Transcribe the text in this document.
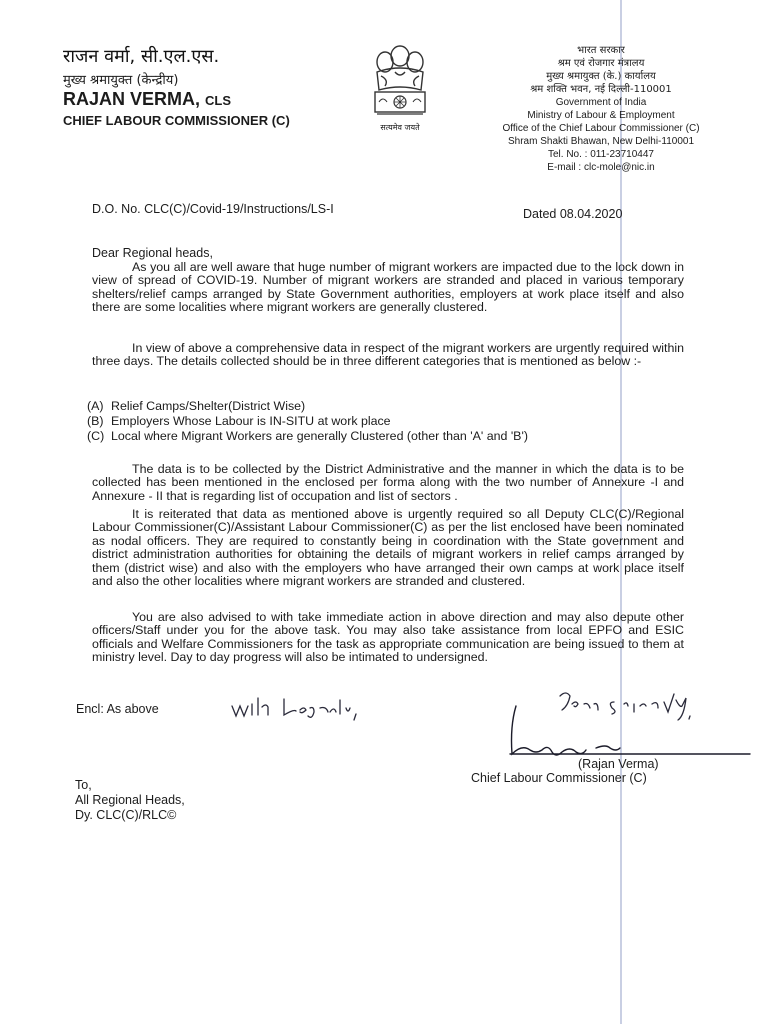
राजन वर्मा, सी.एल.एस.
मुख्य श्रमायुक्त (केन्द्रीय)
RAJAN VERMA, CLS
CHIEF LABOUR COMMISSIONER (C)	सत्यमेव जयते
भारत सरकार
श्रम एवं रोजगार मंत्रालय
मुख्य श्रमायुक्त (के.) कार्यालय
श्रम शक्ति भवन, नई दिल्ली-110001
Government of India
Ministry of Labour & Employment
Office of the Chief Labour Commissioner (C)
Shram Shakti Bhawan, New Delhi-110001
Tel. No. : 011-23710447
E-mail : clc-mole@nic.in
D.O. No. CLC(C)/Covid-19/Instructions/LS-I	Dated 08.04.2020
Dear Regional heads,
As you all are well aware that huge number of migrant workers are impacted due to the lock down in view of spread of COVID-19. Number of migrant workers are stranded and placed in various temporary shelters/relief camps arranged by State Government authorities, employers at work place itself and also there are some localities where migrant workers are generally clustered.
In view of above a comprehensive data in respect of the migrant workers are urgently required within three days. The details collected should be in three different categories that is mentioned as below :-
(A) Relief Camps/Shelter(District Wise)
(B) Employers Whose Labour is IN-SITU at work place
(C) Local where Migrant Workers are generally Clustered (other than 'A' and 'B')
The data is to be collected by the District Administrative and the manner in which the data is to be collected has been mentioned in the enclosed per forma along with the two number of Annexure -I and Annexure - II that is regarding list of occupation and list of sectors .
It is reiterated that data as mentioned above is urgently required so all Deputy CLC(C)/Regional Labour Commissioner(C)/Assistant Labour Commissioner(C) as per the list enclosed have been nominated as nodal officers. They are required to constantly being in coordination with the State government and district administration authorities for obtaining the details of migrant workers in relief camps arranged by them (district wise) and also with the employers who have arranged their own camps at work place itself and also the other localities where migrant workers are stranded and clustered.
You are also advised to with take immediate action in above direction and may also depute other officers/Staff under you for the above task. You may also take assistance from local EPFO and ESIC officials and Welfare Commissioners for the task as appropriate communication are being issued to them at ministry level. Day to day progress will also be intimated to undersigned.
Encl: As above
(Rajan Verma)
Chief Labour Commissioner (C)
To,
All Regional Heads,
Dy. CLC(C)/RLC©
